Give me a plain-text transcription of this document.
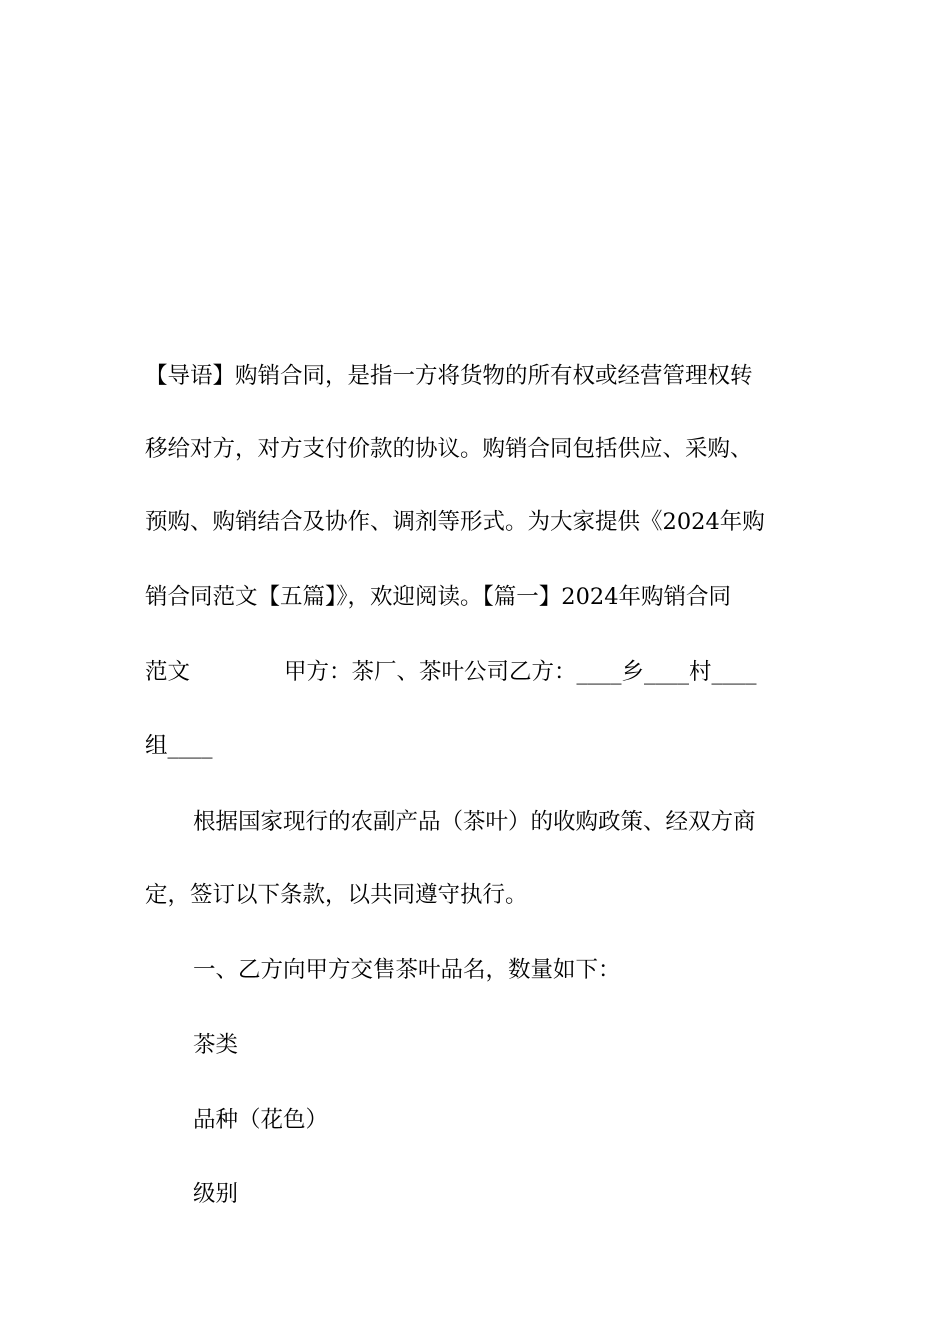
【导语】购销合同，是指一方将货物的所有权或经营管理权转
移给对方，对方支付价款的协议。购销合同包括供应、采购、
预购、购销结合及协作、调剂等形式。为大家提供《2024年购
销合同范文【五篇】》，欢迎阅读。【篇一】2024年购销合同
范文	甲方：茶厂、茶叶公司乙方：____乡____村____
组____
根据国家现行的农副产品（茶叶）的收购政策、经双方商
定，签订以下条款，以共同遵守执行。
一、乙方向甲方交售茶叶品名，数量如下：
茶类
品种（花色）
级别
